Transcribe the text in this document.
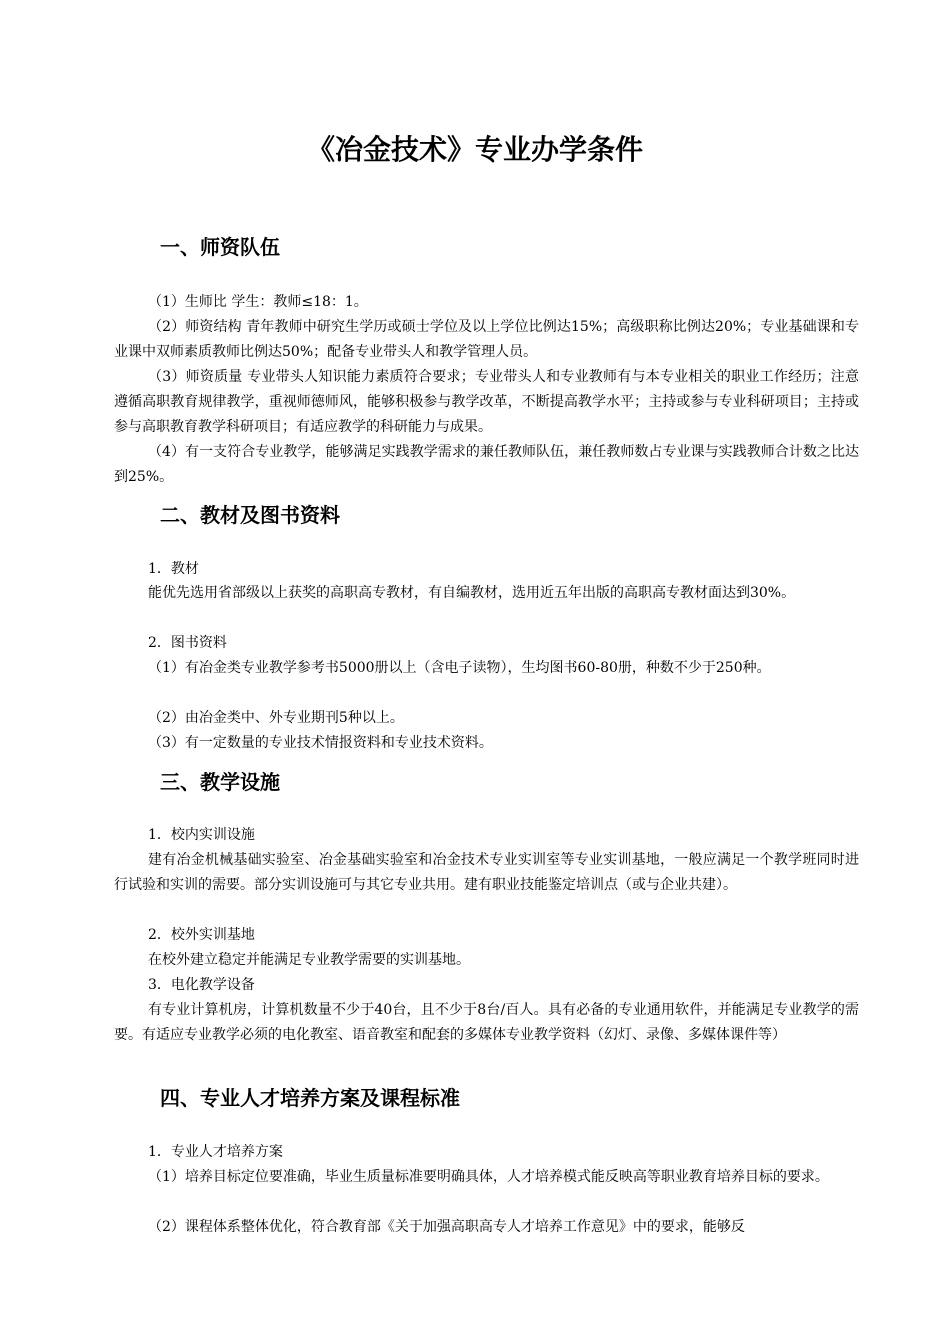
《冶金技术》专业办学条件
一、师资队伍

（1）生师比 学生：教师≤18：1。

（2）师资结构 青年教师中研究生学历或硕士学位及以上学位比例达15%；高级职称比例达20%；专业基础课和专业课中双师素质教师比例达50%；配备专业带头人和教学管理人员。

（3）师资质量 专业带头人知识能力素质符合要求；专业带头人和专业教师有与本专业相关的职业工作经历；注意遵循高职教育规律教学，重视师德师风，能够积极参与教学改革，不断提高教学水平；主持或参与专业科研项目；主持或参与高职教育教学科研项目；有适应教学的科研能力与成果。

（4）有一支符合专业教学，能够满足实践教学需求的兼任教师队伍，兼任教师数占专业课与实践教师合计数之比达到25%。

二、教材及图书资料

1．教材

能优先选用省部级以上获奖的高职高专教材，有自编教材，选用近五年出版的高职高专教材面达到30%。

2．图书资料

（1）有冶金类专业教学参考书5000册以上（含电子读物），生均图书60-80册，种数不少于250种。

（2）由冶金类中、外专业期刊5种以上。

（3）有一定数量的专业技术情报资料和专业技术资料。

三、教学设施

1．校内实训设施

建有冶金机械基础实验室、冶金基础实验室和冶金技术专业实训室等专业实训基地，一般应满足一个教学班同时进行试验和实训的需要。部分实训设施可与其它专业共用。建有职业技能鉴定培训点（或与企业共建）。

2．校外实训基地

在校外建立稳定并能满足专业教学需要的实训基地。

3．电化教学设备

有专业计算机房，计算机数量不少于40台，且不少于8台/百人。具有必备的专业通用软件，并能满足专业教学的需要。有适应专业教学必须的电化教室、语音教室和配套的多媒体专业教学资料（幻灯、录像、多媒体课件等）

四、专业人才培养方案及课程标准

1．专业人才培养方案

（1）培养目标定位要准确，毕业生质量标准要明确具体，人才培养模式能反映高等职业教育培养目标的要求。

（2）课程体系整体优化，符合教育部《关于加强高职高专人才培养工作意见》中的要求，能够反
